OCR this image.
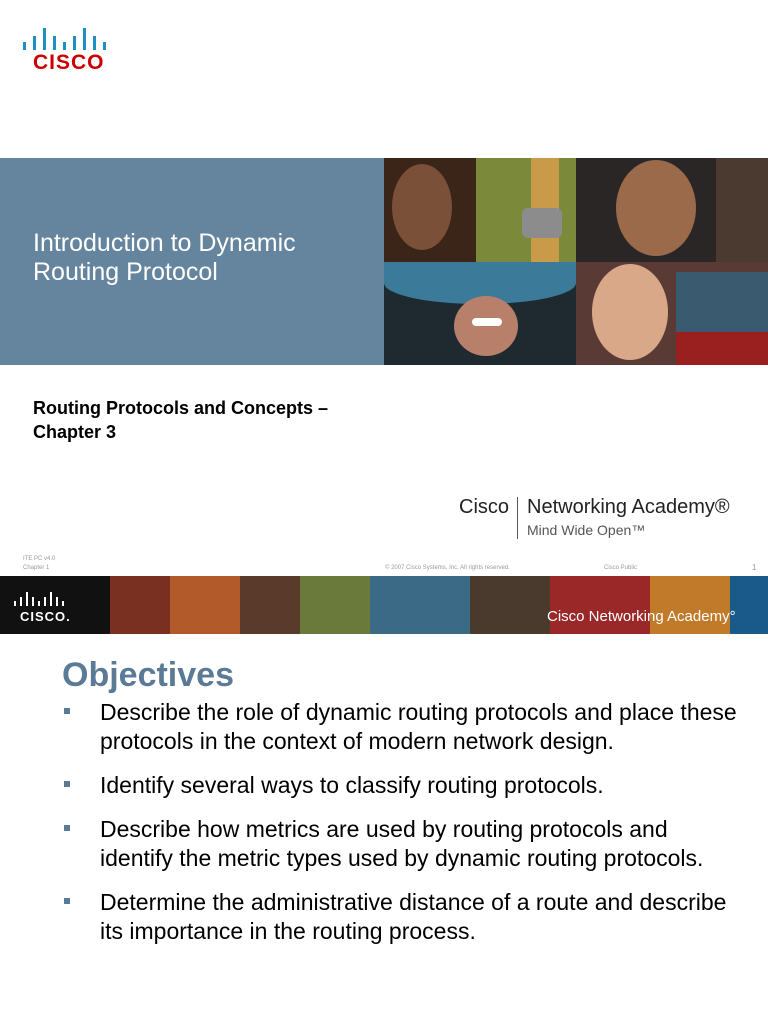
CISCO
Introduction to Dynamic Routing Protocol
Routing Protocols and Concepts – Chapter 3
Cisco Networking Academy®
Mind Wide Open™
ITE PC v4.0
Chapter 1	© 2007 Cisco Systems, Inc. All rights reserved.	Cisco Public	1
CISCO.	Cisco Networking Academy°
Objectives
Describe the role of dynamic routing protocols and place these protocols in the context of modern network design.
Identify several ways to classify routing protocols.
Describe how metrics are used by routing protocols and identify the metric types used by dynamic routing protocols.
Determine the administrative distance of a route and describe its importance in the routing process.
